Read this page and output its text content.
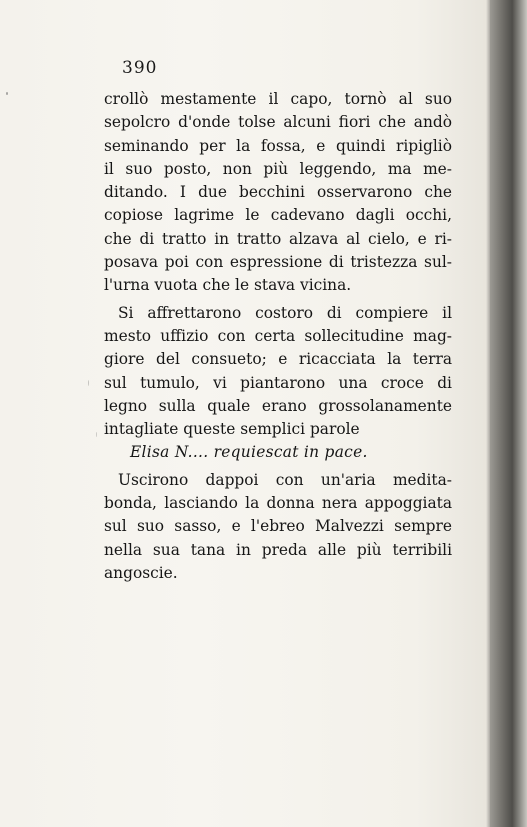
390
crollò mestamente il capo, tornò al suo
sepolcro d'onde tolse alcuni fiori che andò
seminando per la fossa, e quindi ripigliò
il suo posto, non più leggendo, ma me-
ditando. I due becchini osservarono che
copiose lagrime le cadevano dagli occhi,
che di tratto in tratto alzava al cielo, e ri-
posava poi con espressione di tristezza sul-
l'urna vuota che le stava vicina.
Si affrettarono costoro di compiere il
mesto uffizio con certa sollecitudine mag-
giore del consueto; e ricacciata la terra
sul tumulo, vi piantarono una croce di
legno sulla quale erano grossolanamente
intagliate queste semplici parole
Elisa N.... requiescat in pace.
Uscirono dappoi con un'aria medita-
bonda, lasciando la donna nera appoggiata
sul suo sasso, e l'ebreo Malvezzi sempre
nella sua tana in preda alle più terribili
angoscie.
